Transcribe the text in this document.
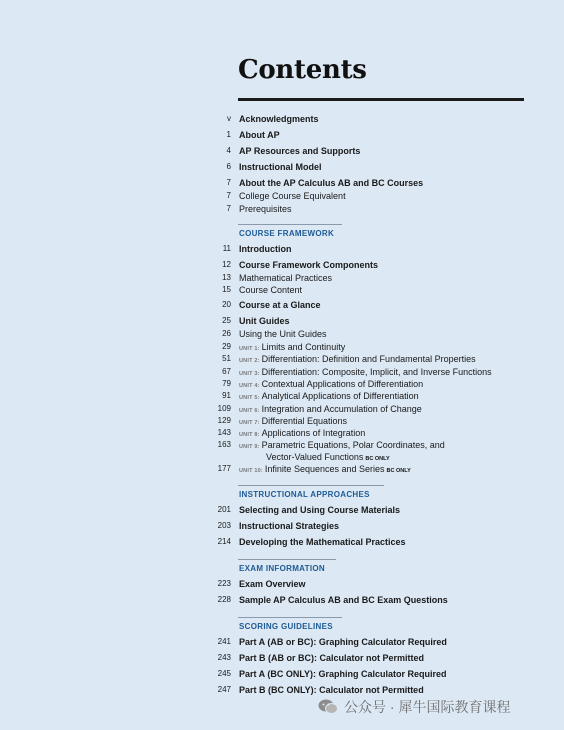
Contents
v Acknowledgments
1 About AP
4 AP Resources and Supports
6 Instructional Model
7 About the AP Calculus AB and BC Courses
7 College Course Equivalent
7 Prerequisites
11 Introduction
12 Course Framework Components
13 Mathematical Practices
15 Course Content
20 Course at a Glance
25 Unit Guides
26 Using the Unit Guides
29 UNIT 1: Limits and Continuity
51 UNIT 2: Differentiation: Definition and Fundamental Properties
67 UNIT 3: Differentiation: Composite, Implicit, and Inverse Functions
79 UNIT 4: Contextual Applications of Differentiation
91 UNIT 5: Analytical Applications of Differentiation
109 UNIT 6: Integration and Accumulation of Change
129 UNIT 7: Differential Equations
143 UNIT 8: Applications of Integration
163 UNIT 9: Parametric Equations, Polar Coordinates, and
Vector-Valued Functions BC ONLY
177 UNIT 10: Infinite Sequences and Series BC ONLY
201 Selecting and Using Course Materials
203 Instructional Strategies
214 Developing the Mathematical Practices
223 Exam Overview
228 Sample AP Calculus AB and BC Exam Questions
241 Part A (AB or BC): Graphing Calculator Required
243 Part B (AB or BC): Calculator not Permitted
245 Part A (BC ONLY): Graphing Calculator Required
247 Part B (BC ONLY): Calculator not Permitted
COURSE FRAMEWORK
INSTRUCTIONAL APPROACHES
EXAM INFORMATION
SCORING GUIDELINES
公众号 · 犀牛国际教育课程
